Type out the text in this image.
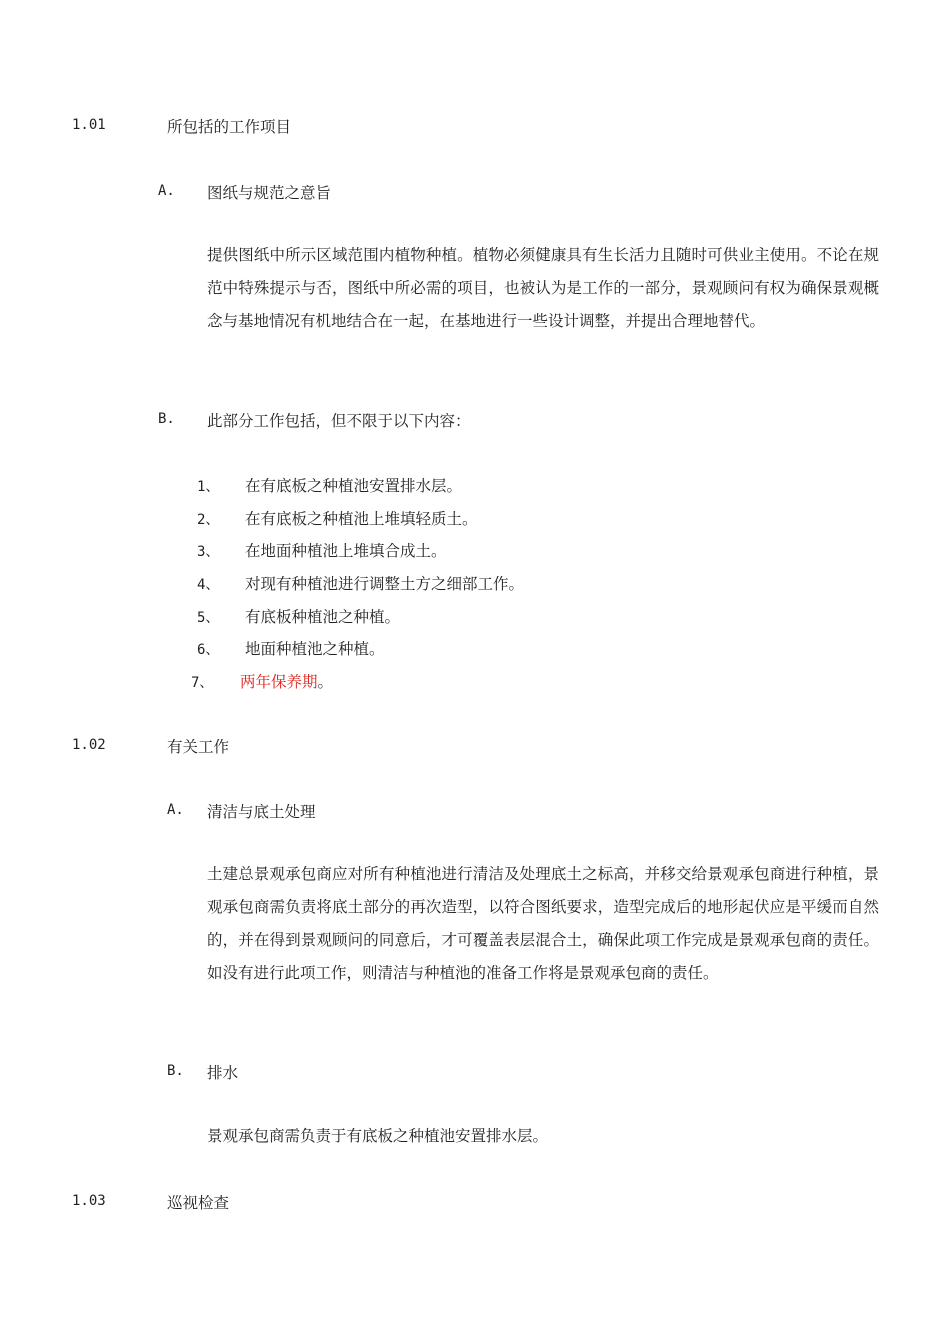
1.01	所包括的工作项目
A. 图纸与规范之意旨
提供图纸中所示区域范围内植物种植。植物必须健康具有生长活力且随时可供业主使用。不论在规范中特殊提示与否，图纸中所必需的项目，也被认为是工作的一部分，景观顾问有权为确保景观概念与基地情况有机地结合在一起，在基地进行一些设计调整，并提出合理地替代。
B. 此部分工作包括，但不限于以下内容：
1、 在有底板之种植池安置排水层。
2、 在有底板之种植池上堆填轻质土。
3、 在地面种植池上堆填合成土。
4、 对现有种植池进行调整土方之细部工作。
5、 有底板种植池之种植。
6、 地面种植池之种植。
7、 两年保养期。
1.02	有关工作
A. 清洁与底土处理
土建总景观承包商应对所有种植池进行清洁及处理底土之标高，并移交给景观承包商进行种植，景观承包商需负责将底土部分的再次造型，以符合图纸要求，造型完成后的地形起伏应是平缓而自然的，并在得到景观顾问的同意后，才可覆盖表层混合土，确保此项工作完成是景观承包商的责任。如没有进行此项工作，则清洁与种植池的准备工作将是景观承包商的责任。
B. 排水
景观承包商需负责于有底板之种植池安置排水层。
1.03	巡视检查
